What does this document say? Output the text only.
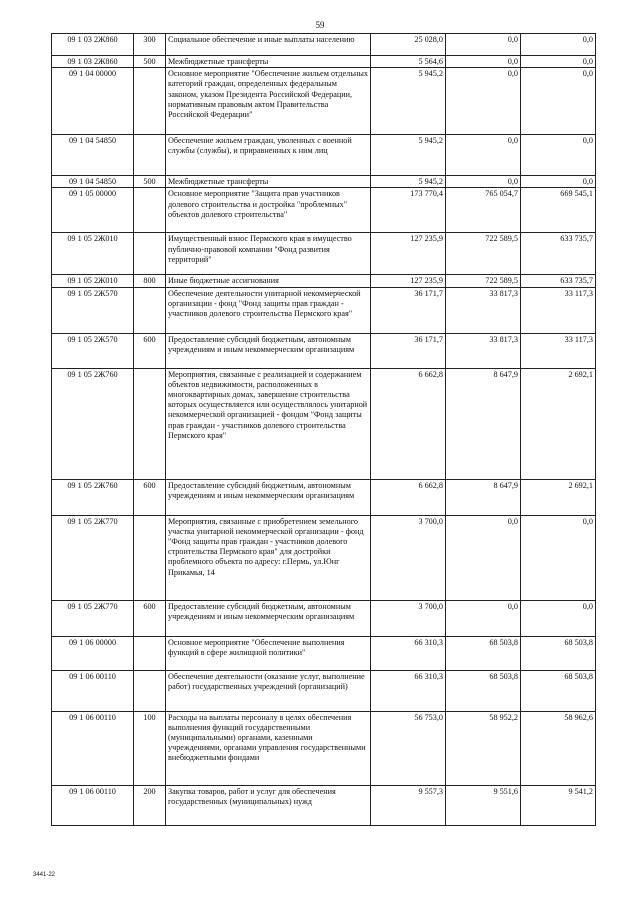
59
09 1 03 2Ж860	300	Социальное обеспечение и иные выплаты населению	25 028,0	0,0	0,0
09 1 03 2Ж860	500	Межбюджетные трансферты	5 564,6	0,0	0,0
09 1 04 00000		Основное мероприятие "Обеспечение жильем отдельных категорий граждан, определенных федеральным законом, указом Президента Российской Федерации, нормативным правовым актом Правительства Российской Федерации"	5 945,2	0,0	0,0
09 1 04 54850		Обеспечение жильем граждан, уволенных с военной службы (службы), и приравненных к ним лиц	5 945,2	0,0	0,0
09 1 04 54850	500	Межбюджетные трансферты	5 945,2	0,0	0,0
09 1 05 00000		Основное мероприятие "Защита прав участников долевого строительства и достройка "проблемных" объектов долевого строительства"	173 770,4	765 054,7	669 545,1
09 1 05 2Ж010		Имущественный взнос Пермского края в имущество публично-правовой компании "Фонд развития территорий"	127 235,9	722 589,5	633 735,7
09 1 05 2Ж010	800	Иные бюджетные ассигнования	127 235,9	722 589,5	633 735,7
09 1 05 2Ж570		Обеспечение деятельности унитарной некоммерческой организации - фонд "Фонд защиты прав граждан - участников долевого строительства Пермского края"	36 171,7	33 817,3	33 117,3
09 1 05 2Ж570	600	Предоставление субсидий бюджетным, автономным учреждениям и иным некоммерческим организациям	36 171,7	33 817,3	33 117,3
09 1 05 2Ж760		Мероприятия, связанные с реализацией и содержанием объектов недвижимости, расположенных в многоквартирных домах, завершение строительства которых осуществляется или осуществлялось унитарной некоммерческой организацией - фондом "Фонд защиты прав граждан - участников долевого строительства Пермского края"	6 662,8	8 647,9	2 692,1
09 1 05 2Ж760	600	Предоставление субсидий бюджетным, автономным учреждениям и иным некоммерческим организациям	6 662,8	8 647,9	2 692,1
09 1 05 2Ж770		Мероприятия, связанные с приобретением земельного участка унитарной некоммерческой организации - фонд "Фонд защиты прав граждан - участников долевого строительства Пермского края" для достройки проблемного объекта по адресу: г.Пермь, ул.Юнг Прикамья, 14	3 700,0	0,0	0,0
09 1 05 2Ж770	600	Предоставление субсидий бюджетным, автономным учреждениям и иным некоммерческим организациям	3 700,0	0,0	0,0
09 1 06 00000		Основное мероприятие "Обеспечение выполнения функций в сфере жилищной политики"	66 310,3	68 503,8	68 503,8
09 1 06 00110		Обеспечение деятельности (оказание услуг, выполнение работ) государственных учреждений (организаций)	66 310,3	68 503,8	68 503,8
09 1 06 00110	100	Расходы на выплаты персоналу в целях обеспечения выполнения функций государственными (муниципальными) органами, казенными учреждениями, органами управления государственными внебюджетными фондами	56 753,0	58 952,2	58 962,6
09 1 06 00110	200	Закупка товаров, работ и услуг для обеспечения государственных (муниципальных) нужд	9 557,3	9 551,6	9 541,2
3441-22
